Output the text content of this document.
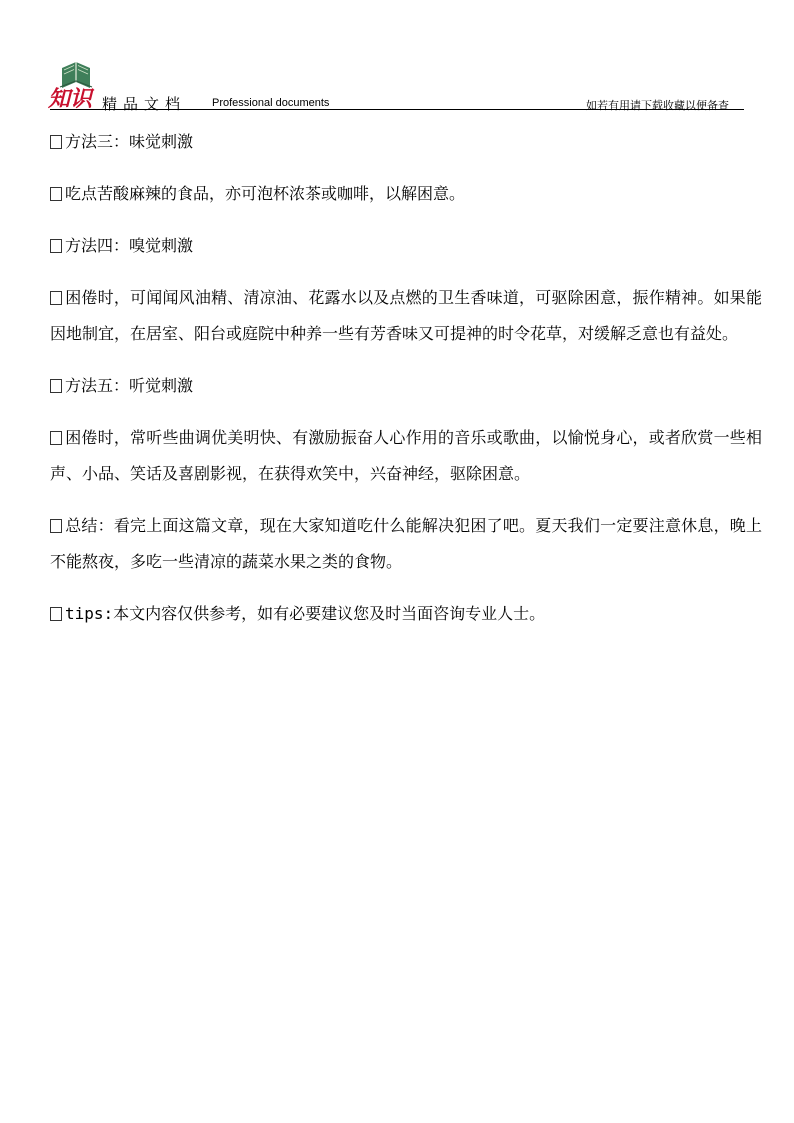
知识 精品文档 Professional documents	如若有用请下载收藏以便备查

方法三：味觉刺激

吃点苦酸麻辣的食品，亦可泡杯浓茶或咖啡，以解困意。

方法四：嗅觉刺激

困倦时，可闻闻风油精、清凉油、花露水以及点燃的卫生香味道，可驱除困意，振作精神。如果能因地制宜，在居室、阳台或庭院中种养一些有芳香味又可提神的时令花草，对缓解乏意也有益处。

方法五：听觉刺激

困倦时，常听些曲调优美明快、有激励振奋人心作用的音乐或歌曲，以愉悦身心，或者欣赏一些相声、小品、笑话及喜剧影视，在获得欢笑中，兴奋神经，驱除困意。

总结：看完上面这篇文章，现在大家知道吃什么能解决犯困了吧。夏天我们一定要注意休息，晚上不能熬夜，多吃一些清凉的蔬菜水果之类的食物。

tips:本文内容仅供参考，如有必要建议您及时当面咨询专业人士。
